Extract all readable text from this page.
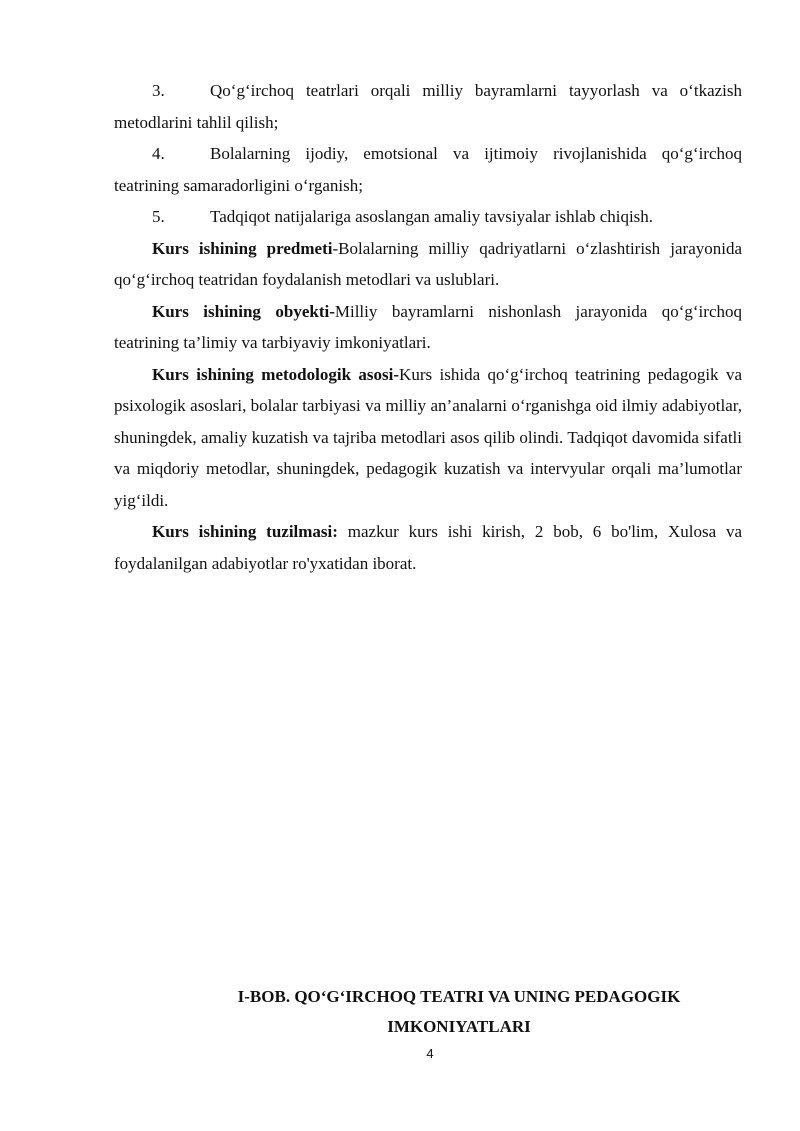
3.	Qo‘g‘irchoq teatrlari orqali milliy bayramlarni tayyorlash va o‘tkazish metodlarini tahlil qilish;

4.	Bolalarning ijodiy, emotsional va ijtimoiy rivojlanishida qo‘g‘irchoq teatrining samaradorligini o‘rganish;

5.	Tadqiqot natijalariga asoslangan amaliy tavsiyalar ishlab chiqish.

Kurs ishining predmeti-Bolalarning milliy qadriyatlarni o‘zlashtirish jarayonida qo‘g‘irchoq teatridan foydalanish metodlari va uslublari.

Kurs ishining obyekti-Milliy bayramlarni nishonlash jarayonida qo‘g‘irchoq teatrining ta’limiy va tarbiyaviy imkoniyatlari.

Kurs ishining metodologik asosi-Kurs ishida qo‘g‘irchoq teatrining pedagogik va psixologik asoslari, bolalar tarbiyasi va milliy an’analarni o‘rganishga oid ilmiy adabiyotlar, shuningdek, amaliy kuzatish va tajriba metodlari asos qilib olindi. Tadqiqot davomida sifatli va miqdoriy metodlar, shuningdek, pedagogik kuzatish va intervyular orqali ma’lumotlar yig‘ildi.

Kurs ishining tuzilmasi: mazkur kurs ishi kirish, 2 bob, 6 bo'lim, Xulosa va foydalanilgan adabiyotlar ro'yxatidan iborat.

I-BOB. QO‘G‘IRCHOQ TEATRI VA UNING PEDAGOGIK
IMKONIYATLARI
4
